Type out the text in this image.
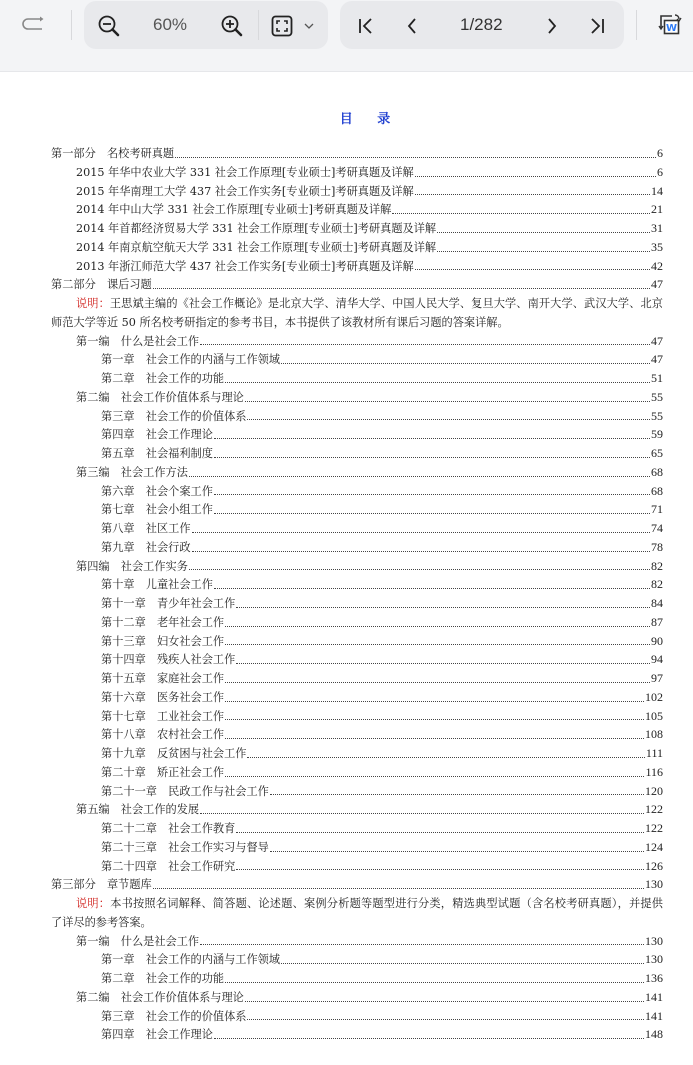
60%	1/282	W
目 录
第一部分　名校考研真题	6
2015 年华中农业大学 331 社会工作原理[专业硕士]考研真题及详解	6
2015 年华南理工大学 437 社会工作实务[专业硕士]考研真题及详解	14
2014 年中山大学 331 社会工作原理[专业硕士]考研真题及详解	21
2014 年首都经济贸易大学 331 社会工作原理[专业硕士]考研真题及详解	31
2014 年南京航空航天大学 331 社会工作原理[专业硕士]考研真题及详解	35
2013 年浙江师范大学 437 社会工作实务[专业硕士]考研真题及详解	42
第二部分　课后习题	47
说明：王思斌主编的《社会工作概论》是北京大学、清华大学、中国人民大学、复旦大学、南开大学、武汉大学、北京师范大学等近 50 所名校考研指定的参考书目，本书提供了该教材所有课后习题的答案详解。
第一编　什么是社会工作	47
第一章　社会工作的内涵与工作领域	47
第二章　社会工作的功能	51
第二编　社会工作价值体系与理论	55
第三章　社会工作的价值体系	55
第四章　社会工作理论	59
第五章　社会福利制度	65
第三编　社会工作方法	68
第六章　社会个案工作	68
第七章　社会小组工作	71
第八章　社区工作	74
第九章　社会行政	78
第四编　社会工作实务	82
第十章　儿童社会工作	82
第十一章　青少年社会工作	84
第十二章　老年社会工作	87
第十三章　妇女社会工作	90
第十四章　残疾人社会工作	94
第十五章　家庭社会工作	97
第十六章　医务社会工作	102
第十七章　工业社会工作	105
第十八章　农村社会工作	108
第十九章　反贫困与社会工作	111
第二十章　矫正社会工作	116
第二十一章　民政工作与社会工作	120
第五编　社会工作的发展	122
第二十二章　社会工作教育	122
第二十三章　社会工作实习与督导	124
第二十四章　社会工作研究	126
第三部分　章节题库	130
说明：本书按照名词解释、简答题、论述题、案例分析题等题型进行分类，精选典型试题（含名校考研真题），并提供了详尽的参考答案。
第一编　什么是社会工作	130
第一章　社会工作的内涵与工作领域	130
第二章　社会工作的功能	136
第二编　社会工作价值体系与理论	141
第三章　社会工作的价值体系	141
第四章　社会工作理论	148
